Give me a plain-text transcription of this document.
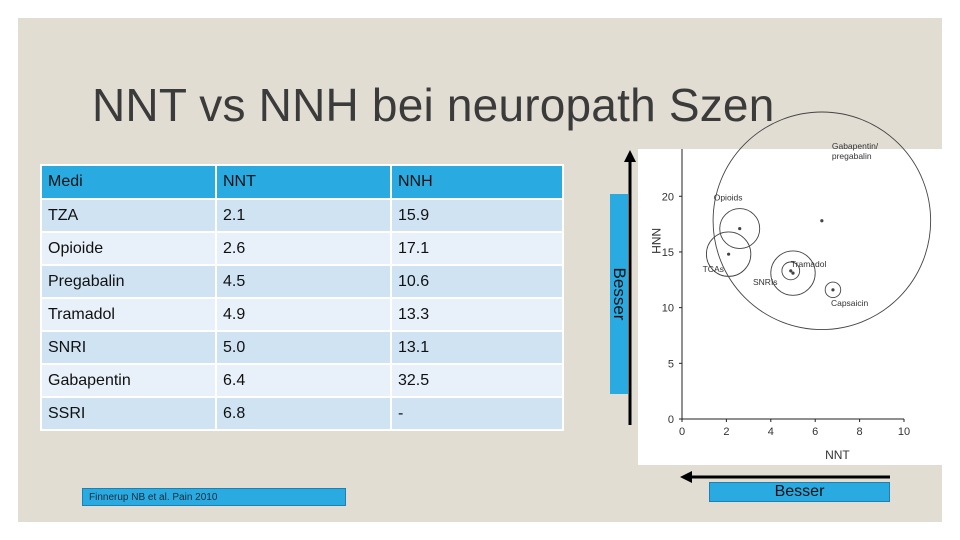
NNT vs NNH bei neuropath Szen
Medi	NNT	NNH
TZA	2.1	15.9
Opioide	2.6	17.1
Pregabalin	4.5	10.6
Tramadol	4.9	13.3
SNRI	5.0	13.1
Gabapentin	6.4	32.5
SSRI	6.8	-
Finnerup NB et al. Pain 2010
Besser
0	2	4	6	8	10
0
5
10
15
20
NNT
NNH
Gabapentin/ pregabalin
Opioids
TCAs
Tramadol
SNRIs
Capsaicin
Besser
